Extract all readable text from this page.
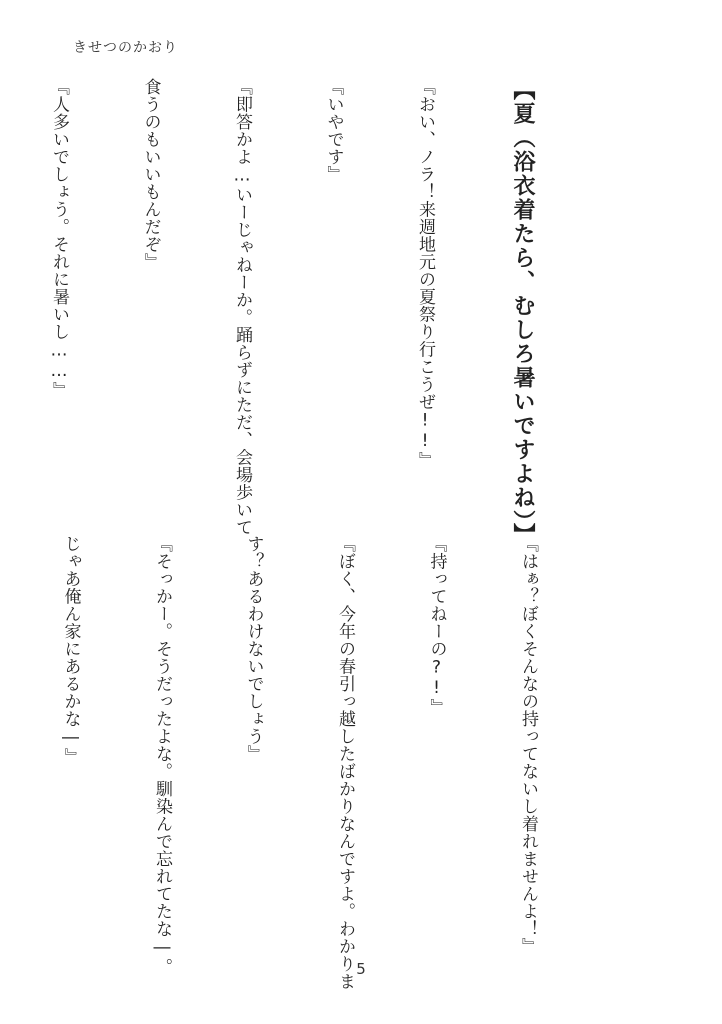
きせつのかおり

【夏（浴衣着たら、むしろ暑いですよね）】

『おい、ノラ！来週地元の夏祭り行こうぜ!!』

『いやです』

『即答かよ…いーじゃねーか。踊らずにただ、会場歩いて

食うのもいいもんだぞ』

『人多いでしょう。それに暑いし……』

『はぁ？ぼくそんなの持ってないし着れませんよ！』

『持ってねーの?!』

『ぼく、今年の春引っ越したばかりなんですよ。わかりま

す？あるわけないでしょう』

『そっかー。そうだったよな。馴染んで忘れてたな―。

じゃあ俺ん家にあるかな―』

5
